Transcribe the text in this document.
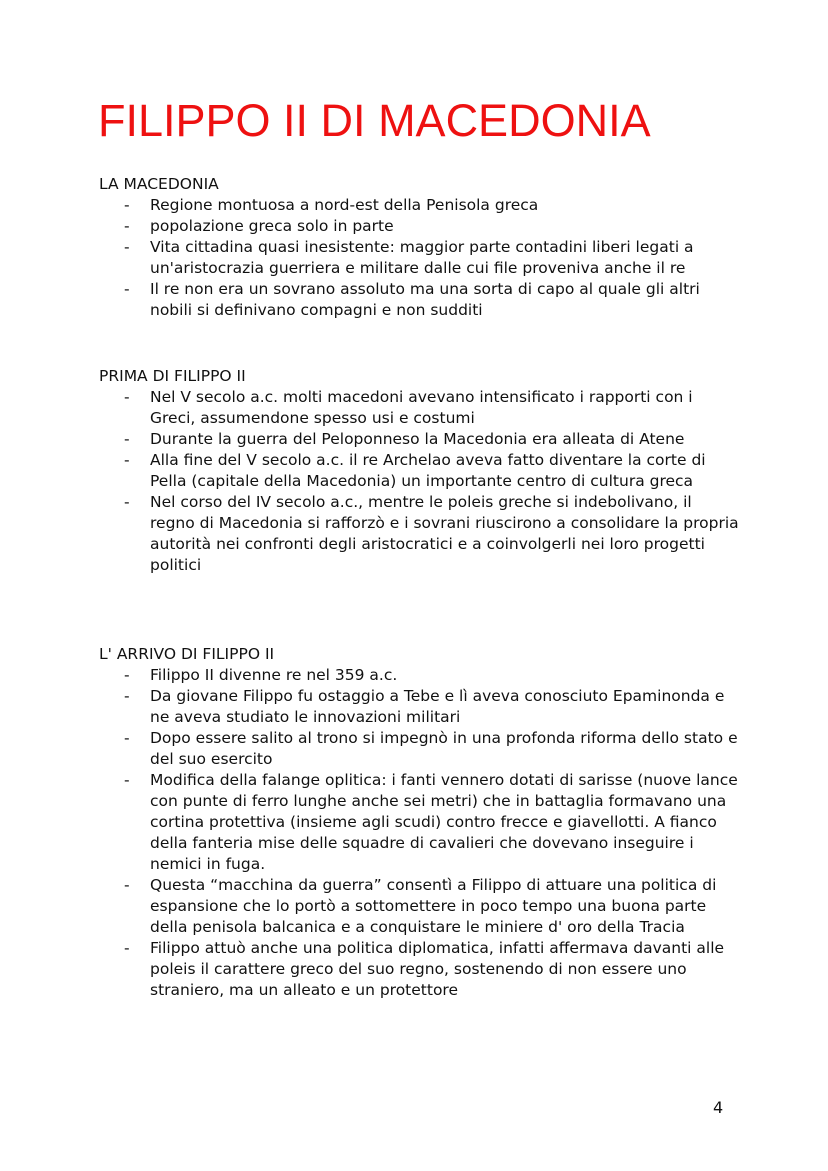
FILIPPO II DI MACEDONIA
LA MACEDONIA
- Regione montuosa a nord-est della Penisola greca
- popolazione greca solo in parte
- Vita cittadina quasi inesistente: maggior parte contadini liberi legati a un'aristocrazia guerriera e militare dalle cui file proveniva anche il re
- Il re non era un sovrano assoluto ma una sorta di capo al quale gli altri nobili si definivano compagni e non sudditi
PRIMA DI FILIPPO II
- Nel V secolo a.c. molti macedoni avevano intensificato i rapporti con i Greci, assumendone spesso usi e costumi
- Durante la guerra del Peloponneso la Macedonia era alleata di Atene
- Alla fine del V secolo a.c. il re Archelao aveva fatto diventare la corte di Pella (capitale della Macedonia) un importante centro di cultura greca
- Nel corso del IV secolo a.c., mentre le poleis greche si indebolivano, il regno di Macedonia si rafforzò e i sovrani riuscirono a consolidare la propria autorità nei confronti degli aristocratici e a coinvolgerli nei loro progetti politici
L' ARRIVO DI FILIPPO II
- Filippo II divenne re nel 359 a.c.
- Da giovane Filippo fu ostaggio a Tebe e lì aveva conosciuto Epaminonda e ne aveva studiato le innovazioni militari
- Dopo essere salito al trono si impegnò in una profonda riforma dello stato e del suo esercito
- Modifica della falange oplitica: i fanti vennero dotati di sarisse (nuove lance con punte di ferro lunghe anche sei metri) che in battaglia formavano una cortina protettiva (insieme agli scudi) contro frecce e giavellotti. A fianco della fanteria mise delle squadre di cavalieri che dovevano inseguire i nemici in fuga.
- Questa “macchina da guerra” consentì a Filippo di attuare una politica di espansione che lo portò a sottomettere in poco tempo una buona parte della penisola balcanica e a conquistare le miniere d' oro della Tracia
- Filippo attuò anche una politica diplomatica, infatti affermava davanti alle poleis il carattere greco del suo regno, sostenendo di non essere uno straniero, ma un alleato e un protettore
4
